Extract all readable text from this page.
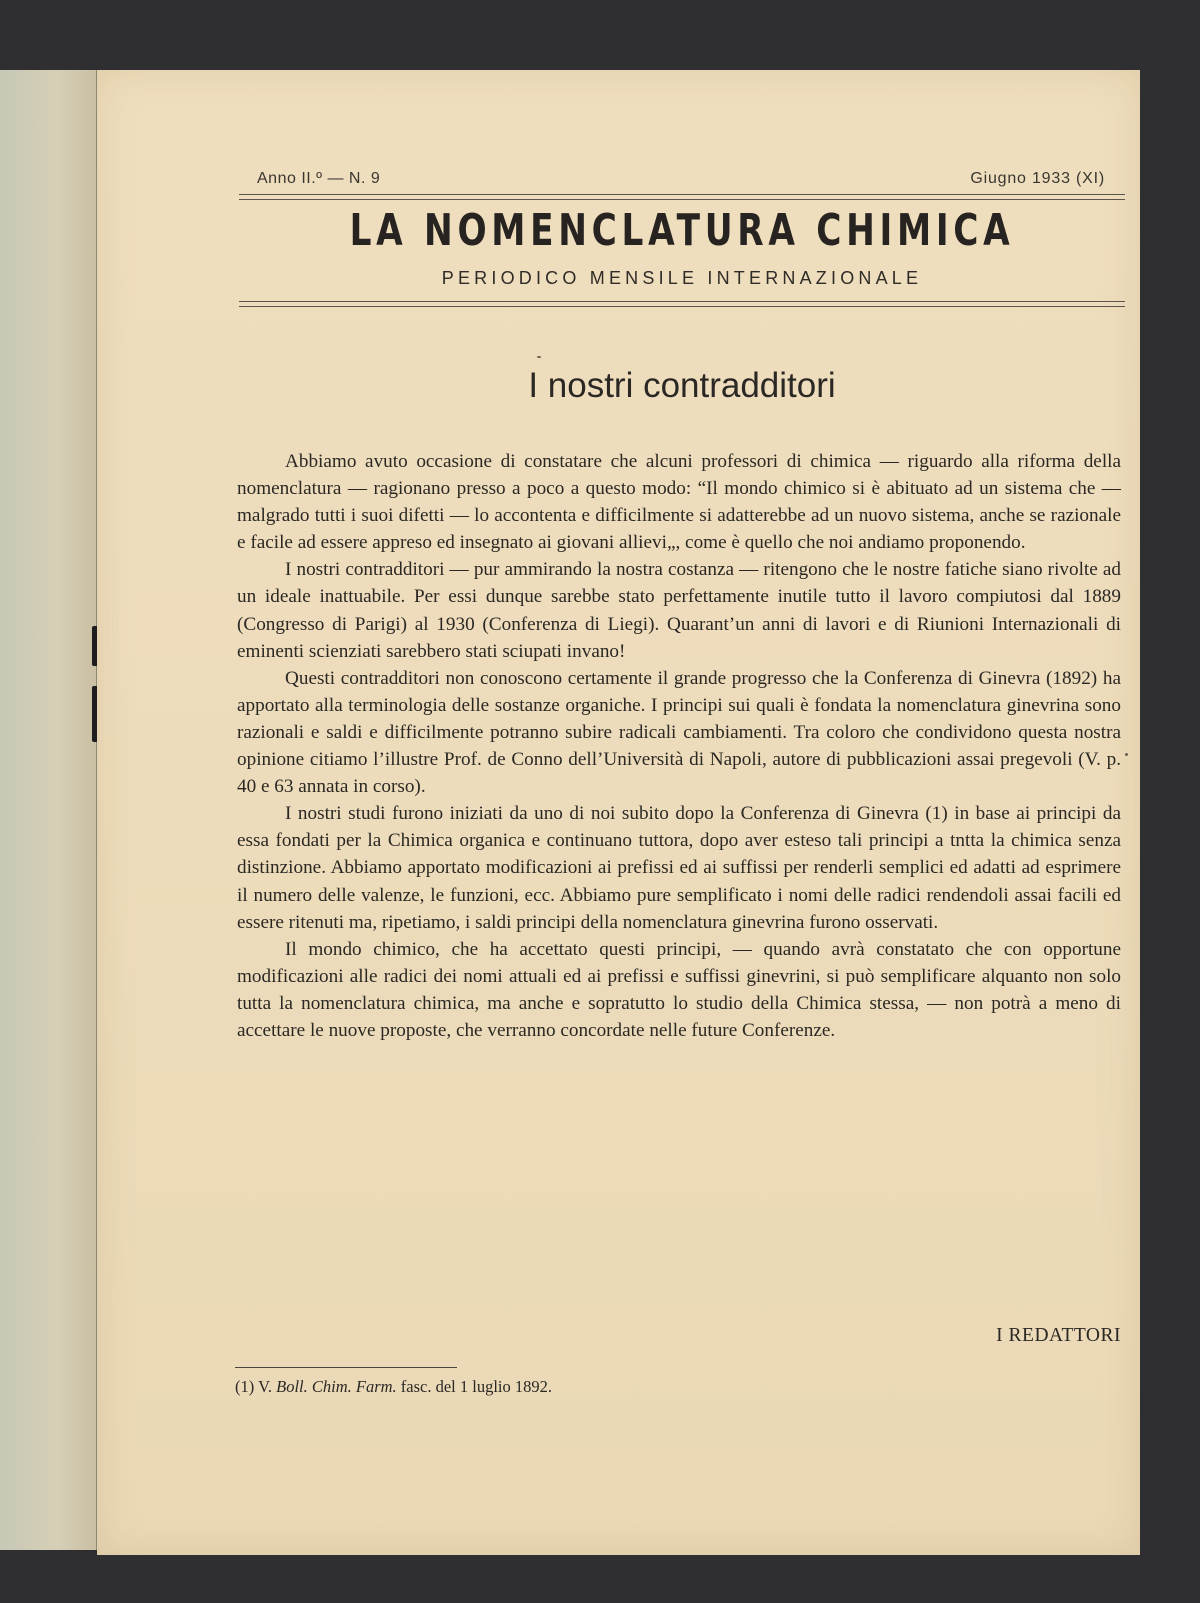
Anno II.º — N. 9	Giugno 1933 (XI)
LA NOMENCLATURA CHIMICA
PERIODICO MENSILE INTERNAZIONALE
I nostri contradditori

Abbiamo avuto occasione di constatare che alcuni professori di chimica — riguardo alla riforma della nomenclatura — ragionano presso a poco a questo modo: “Il mondo chimico si è abituato ad un sistema che — malgrado tutti i suoi difetti — lo accontenta e difficilmente si adatterebbe ad un nuovo sistema, anche se razionale e facile ad essere appreso ed insegnato ai giovani allievi„, come è quello che noi andiamo proponendo.

I nostri contradditori — pur ammirando la nostra costanza — ritengono che le nostre fatiche siano rivolte ad un ideale inattuabile. Per essi dunque sarebbe stato perfettamente inutile tutto il lavoro compiutosi dal 1889 (Congresso di Parigi) al 1930 (Conferenza di Liegi). Quarant’un anni di lavori e di Riunioni Internazionali di eminenti scienziati sarebbero stati sciupati invano!

Questi contradditori non conoscono certamente il grande progresso che la Conferenza di Ginevra (1892) ha apportato alla terminologia delle sostanze organiche. I principi sui quali è fondata la nomenclatura ginevrina sono razionali e saldi e difficilmente potranno subire radicali cambiamenti. Tra coloro che condividono questa nostra opinione citiamo l’illustre Prof. de Conno dell’Università di Napoli, autore di pubblicazioni assai pregevoli (V. p. 40 e 63 annata in corso).

I nostri studi furono iniziati da uno di noi subito dopo la Conferenza di Ginevra (1) in base ai principi da essa fondati per la Chimica organica e continuano tuttora, dopo aver esteso tali principi a tntta la chimica senza distinzione. Abbiamo apportato modificazioni ai prefissi ed ai suffissi per renderli semplici ed adatti ad esprimere il numero delle valenze, le funzioni, ecc. Abbiamo pure semplificato i nomi delle radici rendendoli assai facili ed essere ritenuti ma, ripetiamo, i saldi principi della nomenclatura ginevrina furono osservati.

Il mondo chimico, che ha accettato questi principi, — quando avrà constatato che con opportune modificazioni alle radici dei nomi attuali ed ai prefissi e suffissi ginevrini, si può semplificare alquanto non solo tutta la nomenclatura chimica, ma anche e sopratutto lo studio della Chimica stessa, — non potrà a meno di accettare le nuove proposte, che verranno concordate nelle future Conferenze.

I REDATTORI
(1) V. Boll. Chim. Farm. fasc. del 1 luglio 1892.
